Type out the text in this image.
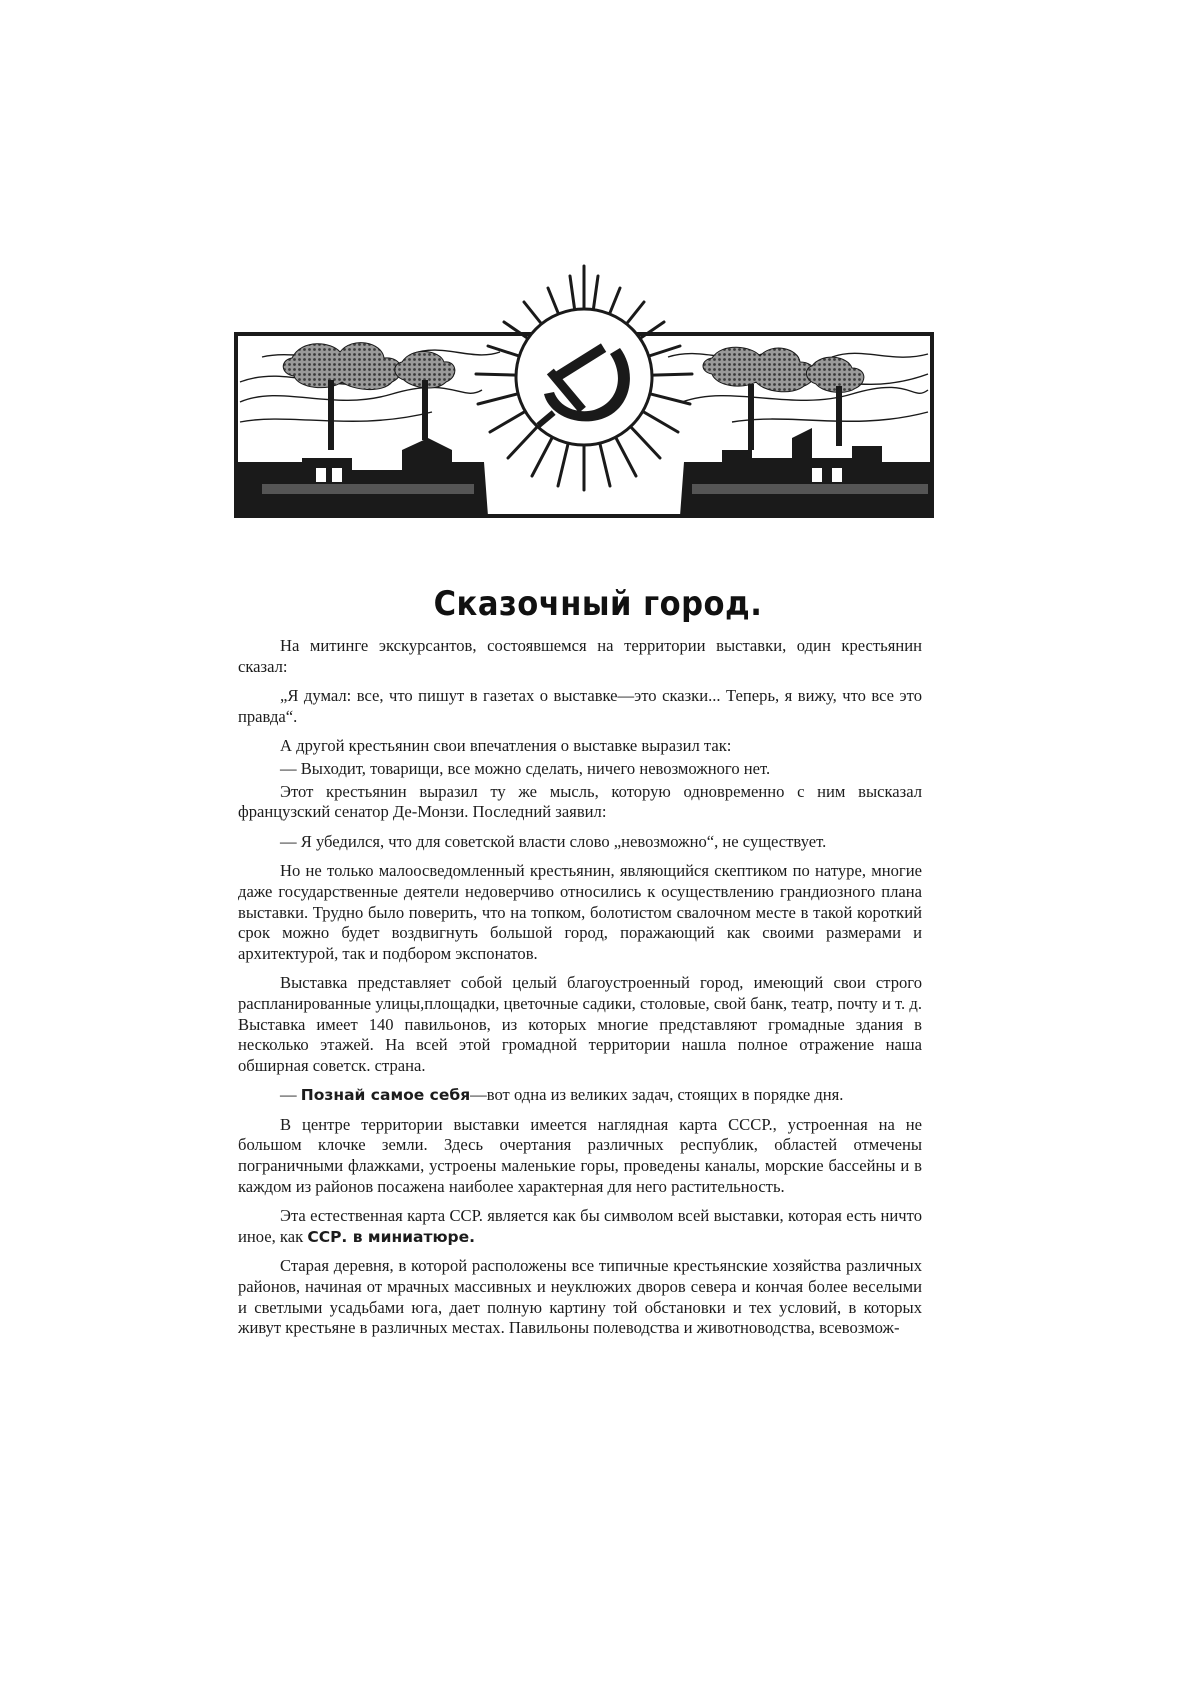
Сказочный город.

На митинге экскурсантов, состоявшемся на территории выставки, один крестьянин сказал:

„Я думал: все, что пишут в газетах о выставке—это сказки... Теперь, я вижу, что все это правда“.

А другой крестьянин свои впечатления о выставке выразил так:

— Выходит, товарищи, все можно сделать, ничего невозможного нет.

Этот крестьянин выразил ту же мысль, которую одновременно с ним высказал французский сенатор Де-Монзи. Последний заявил:

— Я убедился, что для советской власти слово „невозможно“, не существует.

Но не только малоосведомленный крестьянин, являющийся скептиком по натуре, многие даже государственные деятели недоверчиво относились к осуществлению грандиозного плана выставки. Трудно было поверить, что на топком, болотистом свалочном месте в такой короткий срок можно будет воздвигнуть большой город, поражающий как своими размерами и архитектурой, так и подбором экспонатов.

Выставка представляет собой целый благоустроенный город, имеющий свои строго распланированные улицы,площадки, цветочные садики, столовые, свой банк, театр, почту и т. д. Выставка имеет 140 павильонов, из которых многие представляют громадные здания в несколько этажей. На всей этой громадной территории нашла полное отражение наша обширная советск. страна.

— Познай самое себя—вот одна из великих задач, стоящих в порядке дня.

В центре территории выставки имеется наглядная карта СССР., устроенная на не большом клочке земли. Здесь очертания различных республик, областей отмечены пограничными флажками, устроены маленькие горы, проведены каналы, морские бассейны и в каждом из районов посажена наиболее характерная для него растительность.

Эта естественная карта ССР. является как бы символом всей выставки, которая есть ничто иное, как ССР. в миниатюре.

Старая деревня, в которой расположены все типичные крестьянские хозяйства различных районов, начиная от мрачных массивных и неуклюжих дворов севера и кончая более веселыми и светлыми усадьбами юга, дает полную картину той обстановки и тех условий, в которых живут крестьяне в различных местах. Павильоны полеводства и животноводства, всевозмож-
